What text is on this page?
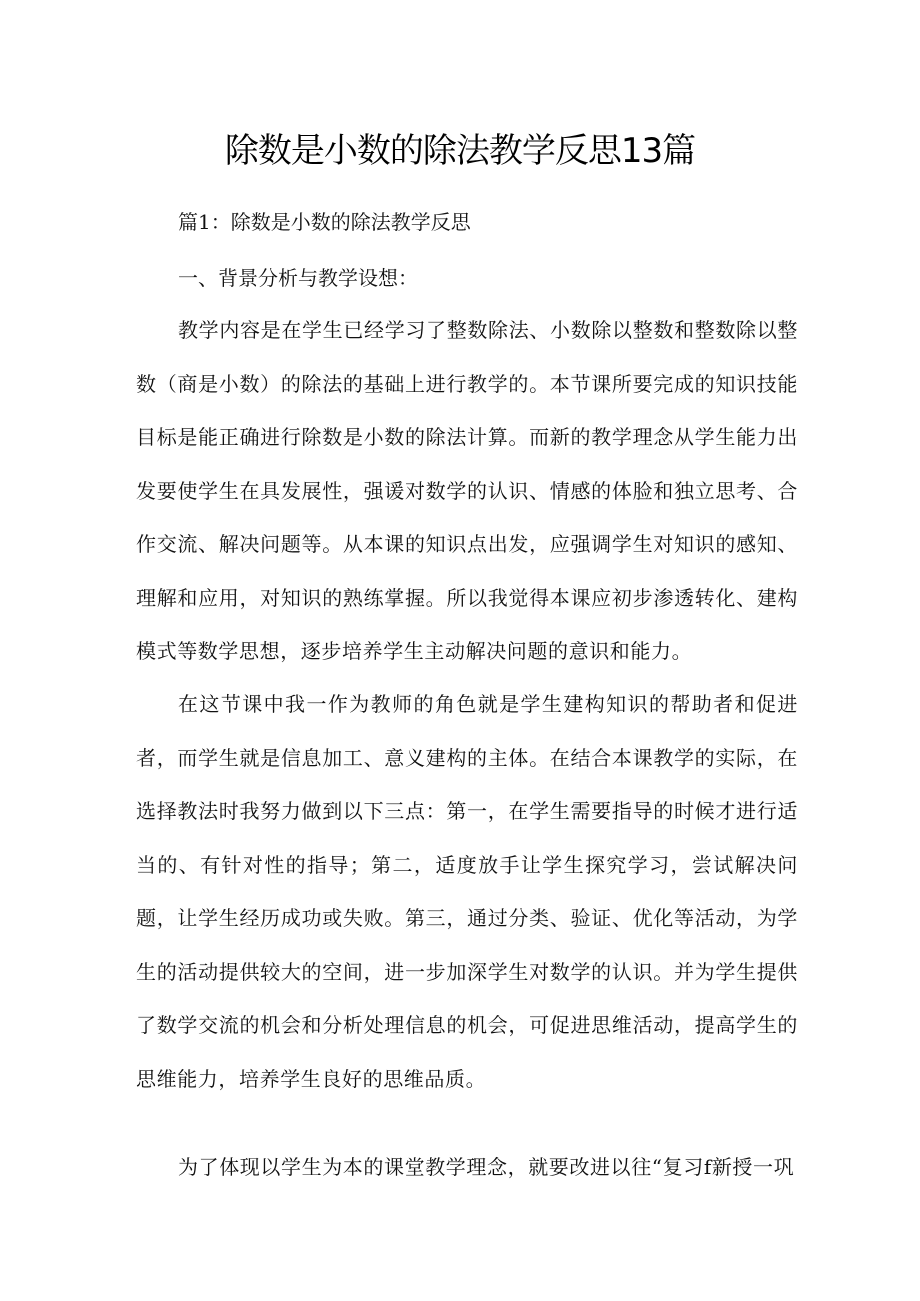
除数是小数的除法教学反思13篇
篇1：除数是小数的除法教学反思
一、背景分析与教学设想：
教学内容是在学生已经学习了整数除法、小数除以整数和整数除以整数（商是小数）的除法的基础上进行教学的。本节课所要完成的知识技能目标是能正确进行除数是小数的除法计算。而新的教学理念从学生能力出发要使学生在具发展性，强谖对数学的认识、情感的体脸和独立思考、合作交流、解决问题等。从本课的知识点出发，应强调学生对知识的感知、理解和应用，对知识的熟练掌握。所以我觉得本课应初步渗透转化、建构模式等数学思想，逐步培养学生主动解决问题的意识和能力。
在这节课中我一作为教师的角色就是学生建构知识的帮助者和促进者，而学生就是信息加工、意义建构的主体。在结合本课教学的实际，在选择教法时我努力做到以下三点：第一，在学生需要指导的时候才进行适当的、有针对性的指导；第二，适度放手让学生探究学习，尝试解决问题，让学生经历成功或失败。第三，通过分类、验证、优化等活动，为学生的活动提供较大的空间，进一步加深学生对数学的认识。并为学生提供了数学交流的机会和分析处理信息的机会，可促进思维活动，提高学生的思维能力，培养学生良好的思维品质。
为了体现以学生为本的课堂教学理念，就要改进以往“复习f新授一巩
